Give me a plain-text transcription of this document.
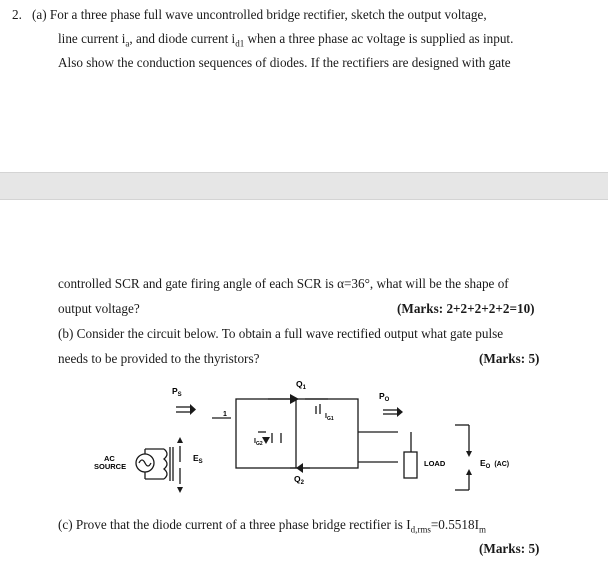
2. (a) For a three phase full wave uncontrolled bridge rectifier, sketch the output voltage,
line current $i_a$, and diode current $i_{d1}$ when a three phase ac voltage is supplied as input.
Also show the conduction sequences of diodes. If the rectifiers are designed with gate
controlled SCR and gate firing angle of each SCR is α=36°, what will be the shape of
output voltage?	(Marks: 2+2+2+2+2=10)
(b) Consider the circuit below. To obtain a full wave rectified output what gate pulse
needs to be provided to the thyristors?	(Marks: 5)
AC
SOURCE
$P_S$
$E_S$
$Q_1$
$Q_2$
$I_{G1}$
$I_{G2}$
$P_O$
LOAD	$E_O$ $^{(AC)}$
1
(c) Prove that the diode current of a three phase bridge rectifier is $I_{d,rms}=0.5518I_m$
(Marks: 5)
